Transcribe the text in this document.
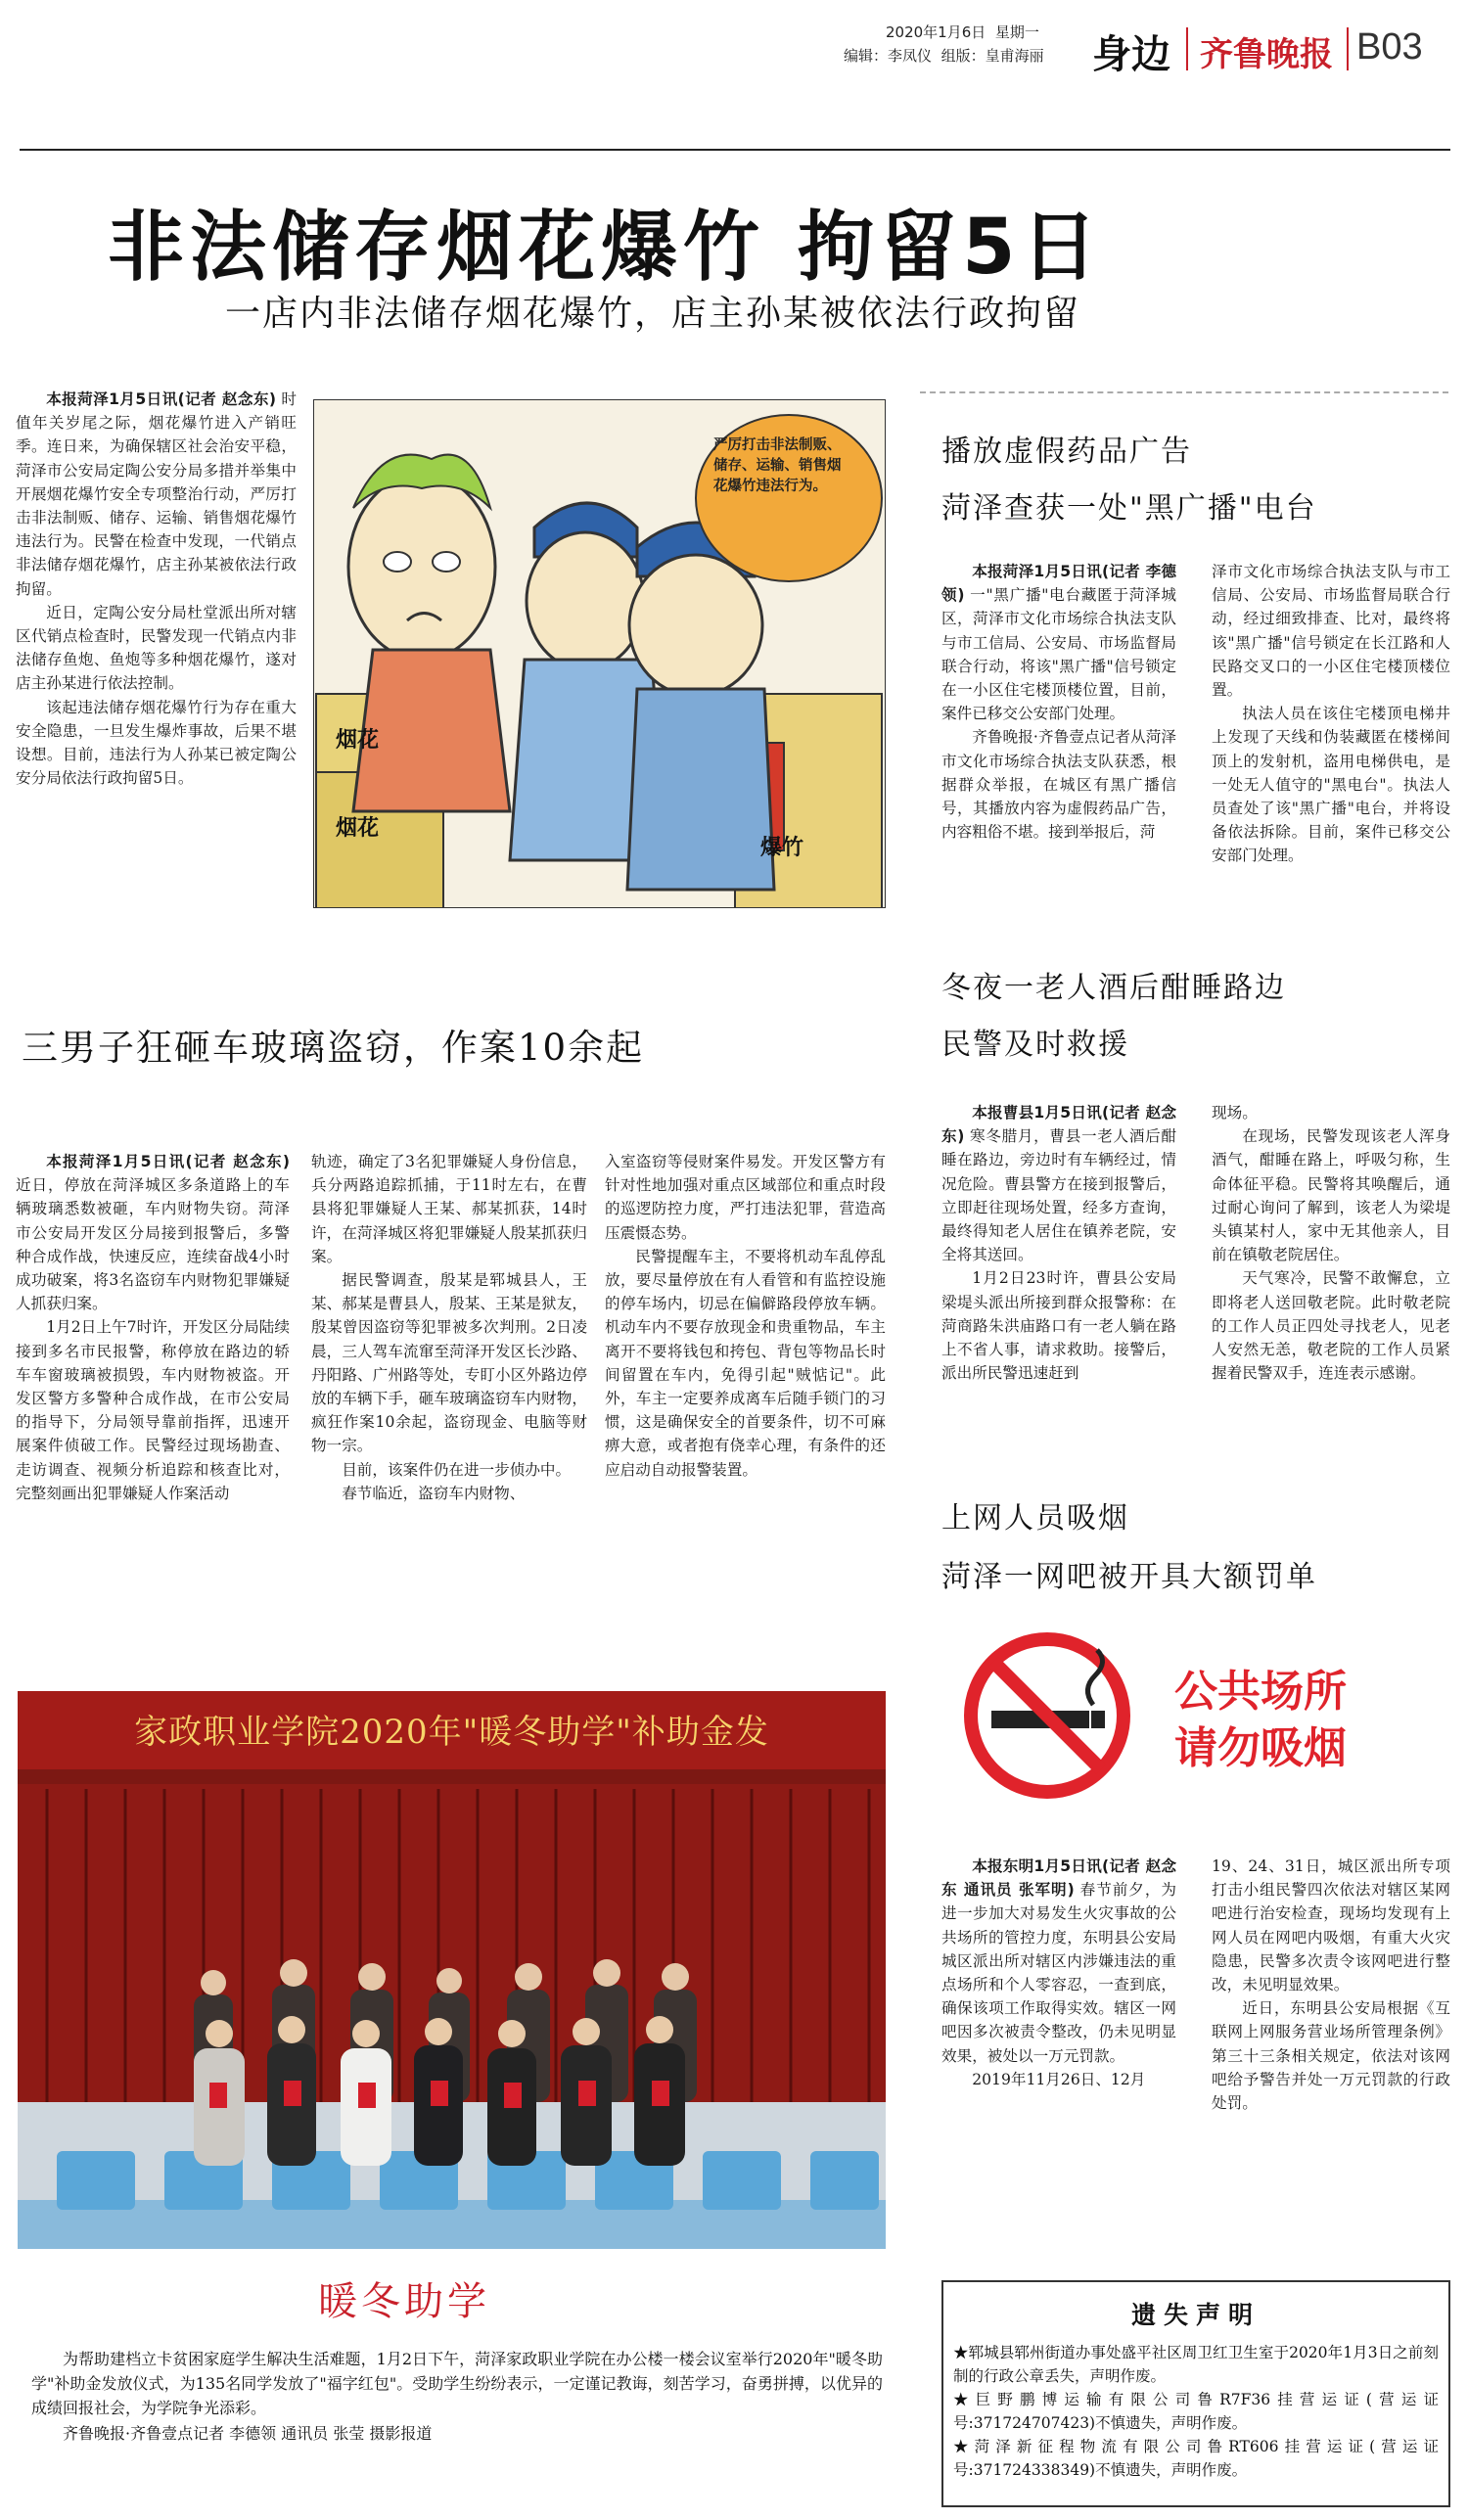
2020年1月6日 星期一
编辑：李凤仪 组版：皇甫海丽 身边 齐鲁晚报 B03
非法储存烟花爆竹 拘留5日
一店内非法储存烟花爆竹，店主孙某被依法行政拘留

本报菏泽1月5日讯(记者 赵念东) 时值年关岁尾之际，烟花爆竹进入产销旺季。连日来，为确保辖区社会治安平稳，菏泽市公安局定陶公安分局多措并举集中开展烟花爆竹安全专项整治行动，严厉打击非法制贩、储存、运输、销售烟花爆竹违法行为。民警在检查中发现，一代销点非法储存烟花爆竹，店主孙某被依法行政拘留。

近日，定陶公安分局杜堂派出所对辖区代销点检查时，民警发现一代销点内非法储存鱼炮、鱼炮等多种烟花爆竹，遂对店主孙某进行依法控制。

该起违法储存烟花爆竹行为存在重大安全隐患，一旦发生爆炸事故，后果不堪设想。目前，违法行为人孙某已被定陶公安分局依法行政拘留5日。

严厉打击非法制贩、储存、运输、销售烟花爆竹违法行为。
烟花
烟花
爆竹
三男子狂砸车玻璃盗窃，作案10余起

本报菏泽1月5日讯(记者 赵念东) 近日，停放在菏泽城区多条道路上的车辆玻璃悉数被砸，车内财物失窃。菏泽市公安局开发区分局接到报警后，多警种合成作战，快速反应，连续奋战4小时成功破案，将3名盗窃车内财物犯罪嫌疑人抓获归案。

1月2日上午7时许，开发区分局陆续接到多名市民报警，称停放在路边的轿车车窗玻璃被损毁，车内财物被盗。开发区警方多警种合成作战，在市公安局的指导下，分局领导靠前指挥，迅速开展案件侦破工作。民警经过现场勘查、走访调查、视频分析追踪和核查比对，完整刻画出犯罪嫌疑人作案活动

轨迹，确定了3名犯罪嫌疑人身份信息，兵分两路追踪抓捕，于11时左右，在曹县将犯罪嫌疑人王某、郝某抓获，14时许，在菏泽城区将犯罪嫌疑人殷某抓获归案。

据民警调查，殷某是郓城县人，王某、郝某是曹县人，殷某、王某是狱友，殷某曾因盗窃等犯罪被多次判刑。2日凌晨，三人驾车流窜至菏泽开发区长沙路、丹阳路、广州路等处，专盯小区外路边停放的车辆下手，砸车玻璃盗窃车内财物，疯狂作案10余起，盗窃现金、电脑等财物一宗。

目前，该案件仍在进一步侦办中。

春节临近，盗窃车内财物、

入室盗窃等侵财案件易发。开发区警方有针对性地加强对重点区域部位和重点时段的巡逻防控力度，严打违法犯罪，营造高压震慑态势。

民警提醒车主，不要将机动车乱停乱放，要尽量停放在有人看管和有监控设施的停车场内，切忌在偏僻路段停放车辆。机动车内不要存放现金和贵重物品，车主离开不要将钱包和挎包、背包等物品长时间留置在车内，免得引起"贼惦记"。此外，车主一定要养成离车后随手锁门的习惯，这是确保安全的首要条件，切不可麻痹大意，或者抱有侥幸心理，有条件的还应启动自动报警装置。

家政职业学院2020年"暖冬助学"补助金发
暖冬助学
为帮助建档立卡贫困家庭学生解决生活难题，1月2日下午，菏泽家政职业学院在办公楼一楼会议室举行2020年"暖冬助学"补助金发放仪式，为135名同学发放了"福字红包"。受助学生纷纷表示，一定谨记教诲，刻苦学习，奋勇拼搏，以优异的成绩回报社会，为学院争光添彩。
齐鲁晚报·齐鲁壹点记者 李德领 通讯员 张莹 摄影报道
播放虚假药品广告
菏泽查获一处"黑广播"电台

本报菏泽1月5日讯(记者 李德领) 一"黑广播"电台藏匿于菏泽城区，菏泽市文化市场综合执法支队与市工信局、公安局、市场监督局联合行动，将该"黑广播"信号锁定在一小区住宅楼顶楼位置，目前，案件已移交公安部门处理。

齐鲁晚报·齐鲁壹点记者从菏泽市文化市场综合执法支队获悉，根据群众举报，在城区有黑广播信号，其播放内容为虚假药品广告，内容粗俗不堪。接到举报后，菏

泽市文化市场综合执法支队与市工信局、公安局、市场监督局联合行动，经过细致排查、比对，最终将该"黑广播"信号锁定在长江路和人民路交叉口的一小区住宅楼顶楼位置。

执法人员在该住宅楼顶电梯井上发现了天线和伪装藏匿在楼梯间顶上的发射机，盗用电梯供电，是一处无人值守的"黑电台"。执法人员查处了该"黑广播"电台，并将设备依法拆除。目前，案件已移交公安部门处理。

冬夜一老人酒后酣睡路边
民警及时救援

本报曹县1月5日讯(记者 赵念东) 寒冬腊月，曹县一老人酒后酣睡在路边，旁边时有车辆经过，情况危险。曹县警方在接到报警后，立即赶往现场处置，经多方查询，最终得知老人居住在镇养老院，安全将其送回。

1月2日23时许，曹县公安局梁堤头派出所接到群众报警称：在菏商路朱洪庙路口有一老人躺在路上不省人事，请求救助。接警后，派出所民警迅速赶到

现场。

在现场，民警发现该老人浑身酒气，酣睡在路上，呼吸匀称，生命体征平稳。民警将其唤醒后，通过耐心询问了解到，该老人为梁堤头镇某村人，家中无其他亲人，目前在镇敬老院居住。

天气寒冷，民警不敢懈怠，立即将老人送回敬老院。此时敬老院的工作人员正四处寻找老人，见老人安然无恙，敬老院的工作人员紧握着民警双手，连连表示感谢。

上网人员吸烟
菏泽一网吧被开具大额罚单
公共场所
请勿吸烟

本报东明1月5日讯(记者 赵念东 通讯员 张军明) 春节前夕，为进一步加大对易发生火灾事故的公共场所的管控力度，东明县公安局城区派出所对辖区内涉嫌违法的重点场所和个人零容忍，一查到底，确保该项工作取得实效。辖区一网吧因多次被责令整改，仍未见明显效果，被处以一万元罚款。

2019年11月26日、12月

19、24、31日，城区派出所专项打击小组民警四次依法对辖区某网吧进行治安检查，现场均发现有上网人员在网吧内吸烟，有重大火灾隐患，民警多次责令该网吧进行整改，未见明显效果。

近日，东明县公安局根据《互联网上网服务营业场所管理条例》第三十三条相关规定，依法对该网吧给予警告并处一万元罚款的行政处罚。

遗失声明

★郓城县郓州街道办事处盛平社区周卫红卫生室于2020年1月3日之前刻制的行政公章丢失，声明作废。

★巨野鹏博运输有限公司鲁R7F36挂营运证(营运证号:371724707423)不慎遗失，声明作废。

★菏泽新征程物流有限公司鲁RT606挂营运证(营运证号:371724338349)不慎遗失，声明作废。
